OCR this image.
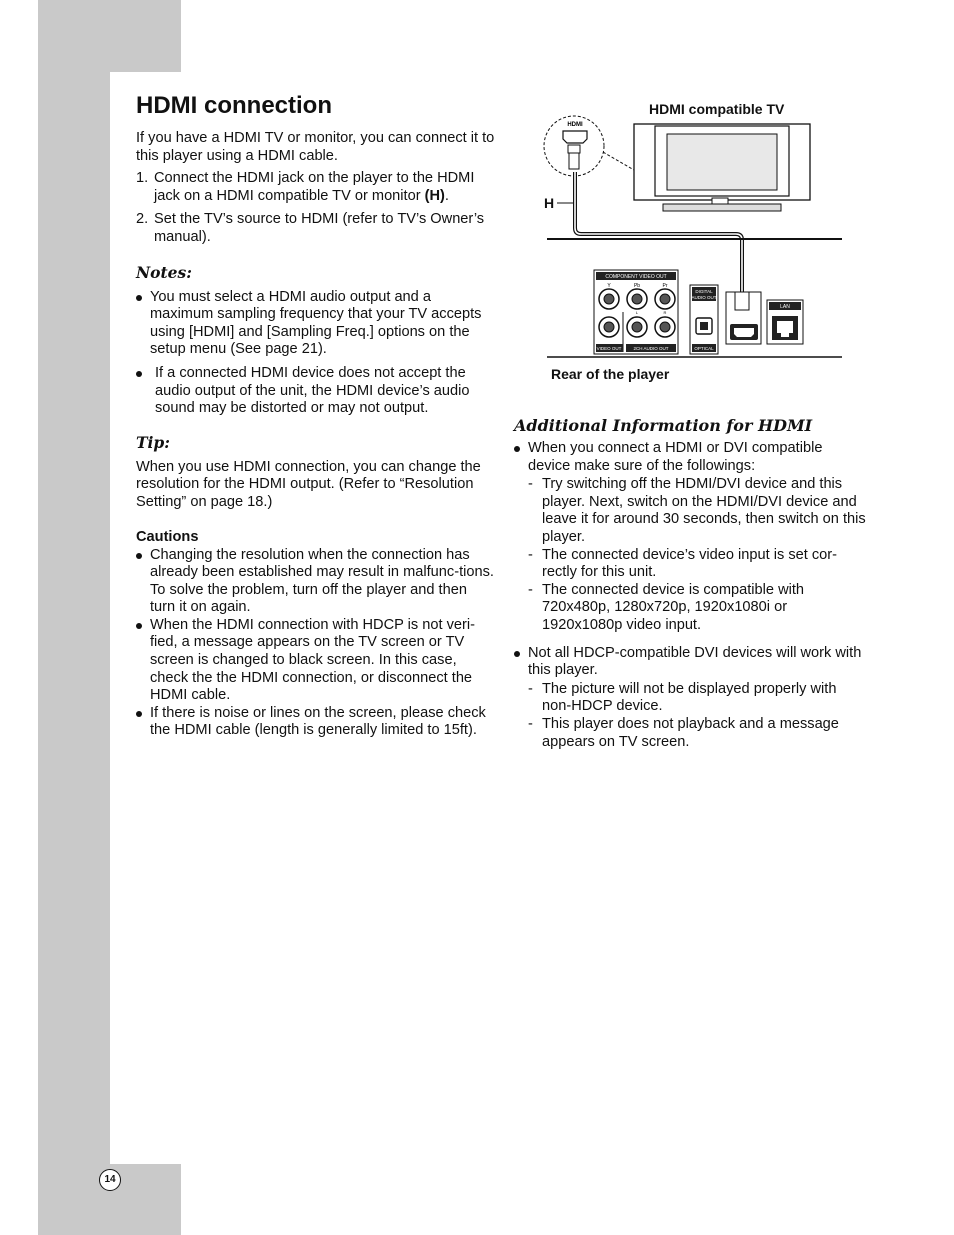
HDMI connection

If you have a HDMI TV or monitor, you can connect it to this player using a HDMI cable.

1. Connect the HDMI jack on the player to the HDMI jack on a HDMI compatible TV or monitor (H).
2. Set the TV’s source to HDMI (refer to TV’s Owner’s manual).
Notes:
You must select a HDMI audio output and a maximum sampling frequency that your TV accepts using [HDMI] and [Sampling Freq.] options on the setup menu (See page 21).
If a connected HDMI device does not accept the audio output of the unit, the HDMI device’s audio sound may be distorted or may not output.
Tip:

When you use HDMI connection, you can change the resolution for the HDMI output. (Refer to “Resolution Setting” on page 18.)

Cautions
Changing the resolution when the connection has already been established may result in malfunc-tions. To solve the problem, turn off the player and then turn it on again.
When the HDMI connection with HDCP is not veri-fied, a message appears on the TV screen or TV screen is changed to black screen. In this case, check the the HDMI connection, or disconnect the HDMI cable.
If there is noise or lines on the screen, please check the HDMI cable (length is generally limited to 15ft).
HDMI compatible TV
H
Rear of the player
HDMI
COMPONENT VIDEO OUT
Y	Pb	Pr
L	R
VIDEO OUT	2CH AUDIO OUT
DIGITAL
AUDIO OUT
OPTICAL
LAN
Additional Information for HDMI
When you connect a HDMI or DVI compatible device make sure of the followings:
- Try switching off the HDMI/DVI device and this player. Next, switch on the HDMI/DVI device and leave it for around 30 seconds, then switch on this player.
- The connected device’s video input is set cor-rectly for this unit.
- The connected device is compatible with 720x480p, 1280x720p, 1920x1080i or 1920x1080p video input.
Not all HDCP-compatible DVI devices will work with this player.
- The picture will not be displayed properly with non-HDCP device.
- This player does not playback and a message appears on TV screen.
14
